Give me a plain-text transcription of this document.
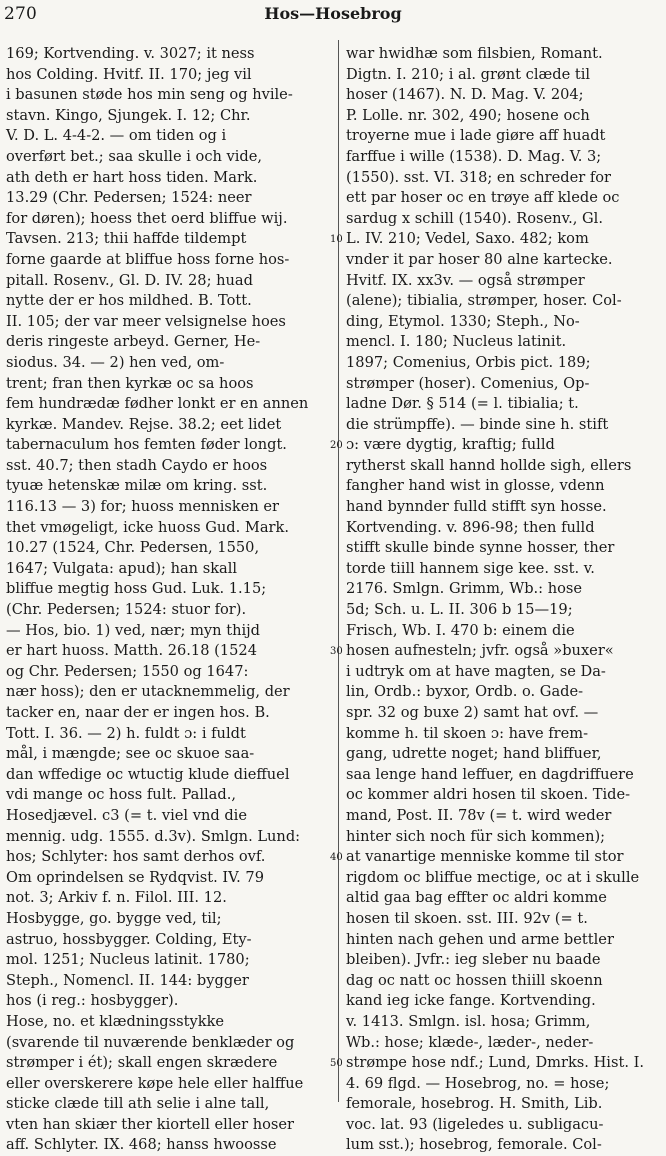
270	Hos—Hosebrog
169; Kortvending. v. 3027; it ness
hos Colding. Hvitf. II. 170; jeg vil
i basunen støde hos min seng og hvile-
stavn. Kingo, Sjungek. I. 12; Chr.
V. D. L. 4-4-2. — om tiden og i
overført bet.; saa skulle i och vide,
ath deth er hart hoss tiden. Mark.
13.29 (Chr. Pedersen; 1524: neer
for døren); hoess thet oerd bliffue wij.
Tavsen. 213; thii haffde tildempt
forne gaarde at bliffue hoss forne hos-
pitall. Rosenv., Gl. D. IV. 28; huad
nytte der er hos mildhed. B. Tott.
II. 105; der var meer velsignelse hoes
deris ringeste arbeyd. Gerner, He-
siodus. 34. — 2) hen ved, om-
trent; fran then kyrkæ oc sa hoos
fem hundrædæ fødher lonkt er en annen
kyrkæ. Mandev. Rejse. 38.2; eet lidet
tabernaculum hos femten føder longt.
sst. 40.7; then stadh Caydo er hoos
tyuæ hetenskæ milæ om kring. sst.
116.13 — 3) for; huoss mennisken er
thet vmøgeligt, icke huoss Gud. Mark.
10.27 (1524, Chr. Pedersen, 1550,
1647; Vulgata: apud); han skall
bliffue megtig hoss Gud. Luk. 1.15;
(Chr. Pedersen; 1524: stuor for).
— Hos, bio. 1) ved, nær; myn thijd
er hart huoss. Matth. 26.18 (1524
og Chr. Pedersen; 1550 og 1647:
nær hoss); den er utacknemmelig, der
tacker en, naar der er ingen hos. B.
Tott. I. 36. — 2) h. fuldt ɔ: i fuldt
mål, i mængde; see oc skuoe saa-
dan wffedige oc wtuctig klude dieffuel
vdi mange oc hoss fult. Pallad.,
Hosedjævel. c3 (= t. viel vnd die
mennig. udg. 1555. d.3v). Smlgn. Lund:
hos; Schlyter: hos samt derhos ovf.
Om oprindelsen se Rydqvist. IV. 79
not. 3; Arkiv f. n. Filol. III. 12.
Hosbygge, go. bygge ved, til;
astruo, hossbygger. Colding, Ety-
mol. 1251; Nucleus latinit. 1780;
Steph., Nomencl. II. 144: bygger
hos (i reg.: hosbygger).
Hose, no. et klædningsstykke
(svarende til nuværende benklæder og
strømper i ét); skall engen skrædere
eller overskerere køpe hele eller halffue
sticke clæde till ath selie i alne tall,
vten han skiær ther kiortell eller hoser
aff. Schlyter. IX. 468; hanss hwoosse
10
20
30
40
50
war hwidhæ som filsbien, Romant.
Digtn. I. 210; i al. grønt clæde til
hoser (1467). N. D. Mag. V. 204;
P. Lolle. nr. 302, 490; hosene och
troyerne mue i lade giøre aff huadt
farffue i wille (1538). D. Mag. V. 3;
(1550). sst. VI. 318; en schreder for
ett par hoser oc en trøye aff klede oc
sardug x schill (1540). Rosenv., Gl.
L. IV. 210; Vedel, Saxo. 482; kom
vnder it par hoser 80 alne kartecke.
Hvitf. IX. xx3v. — også strømper
(alene); tibialia, strømper, hoser. Col-
ding, Etymol. 1330; Steph., No-
mencl. I. 180; Nucleus latinit.
1897; Comenius, Orbis pict. 189;
strømper (hoser). Comenius, Op-
ladne Dør. § 514 (= l. tibialia; t.
die strümpffe). — binde sine h. stift
ɔ: være dygtig, kraftig; fulld
rytherst skall hannd hollde sigh, ellers
fangher hand wist in glosse, vdenn
hand bynnder fulld stifft syn hosse.
Kortvending. v. 896-98; then fulld
stifft skulle binde synne hosser, ther
torde tiill hannem sige kee. sst. v.
2176. Smlgn. Grimm, Wb.: hose
5d; Sch. u. L. II. 306 b 15—19;
Frisch, Wb. I. 470 b: einem die
hosen aufnesteln; jvfr. også »buxer«
i udtryk om at have magten, se Da-
lin, Ordb.: byxor, Ordb. o. Gade-
spr. 32 og buxe 2) samt hat ovf. —
komme h. til skoen ɔ: have frem-
gang, udrette noget; hand bliffuer,
saa lenge hand leffuer, en dagdriffuere
oc kommer aldri hosen til skoen. Tide-
mand, Post. II. 78v (= t. wird weder
hinter sich noch für sich kommen);
at vanartige menniske komme til stor
rigdom oc bliffue mectige, oc at i skulle
altid gaa bag effter oc aldri komme
hosen til skoen. sst. III. 92v (= t.
hinten nach gehen und arme bettler
bleiben). Jvfr.: ieg sleber nu baade
dag oc natt oc hossen thiill skoenn
kand ieg icke fange. Kortvending.
v. 1413. Smlgn. isl. hosa; Grimm,
Wb.: hose; klæde-, læder-, neder-
strømpe hose ndf.; Lund, Dmrks. Hist. I.
4. 69 flgd. — Hosebrog, no. = hose;
femorale, hosebrog. H. Smith, Lib.
voc. lat. 93 (ligeledes u. subligacu-
lum sst.); hosebrog, femorale. Col-
